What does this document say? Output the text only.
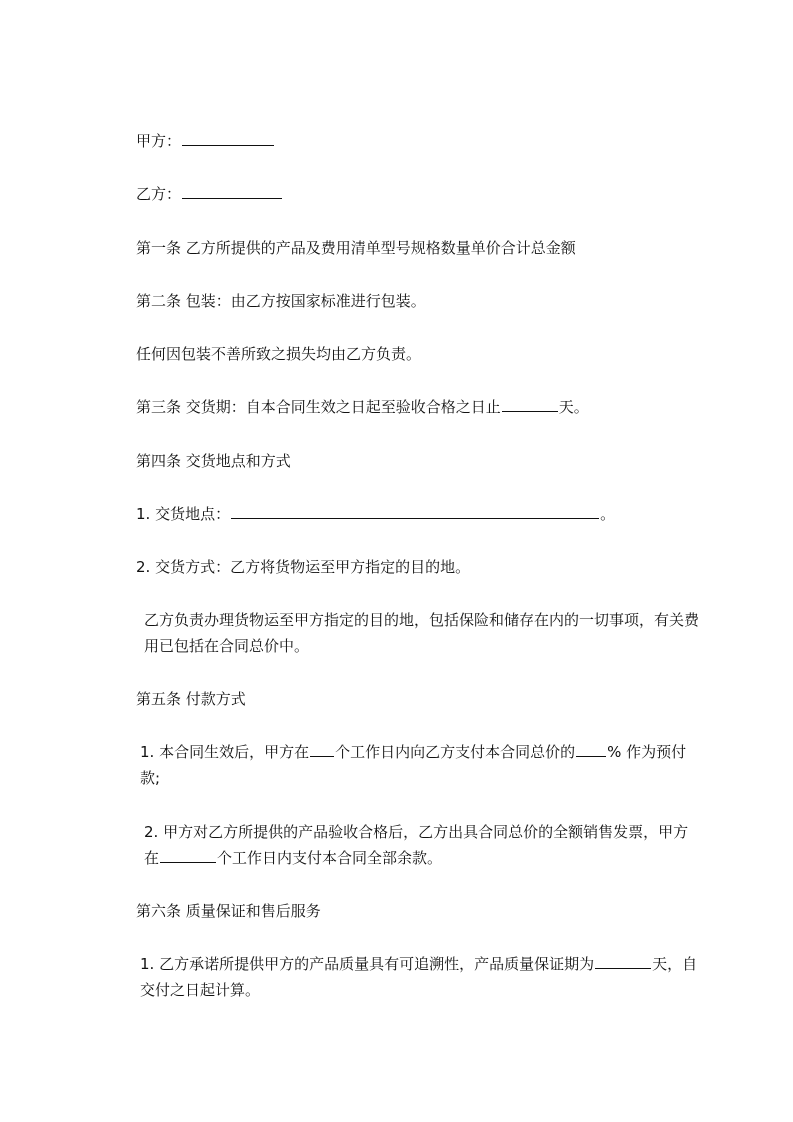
甲方：
乙方：
第一条 乙方所提供的产品及费用清单型号规格数量单价合计总金额
第二条 包装：由乙方按国家标准进行包装。
任何因包装不善所致之损失均由乙方负责。
第三条 交货期：自本合同生效之日起至验收合格之日止	天。
第四条 交货地点和方式
1. 交货地点：	。
2. 交货方式：乙方将货物运至甲方指定的目的地。
乙方负责办理货物运至甲方指定的目的地，包括保险和储存在内的一切事项，有关费用已包括在合同总价中。
第五条 付款方式
1. 本合同生效后，甲方在 个工作日内向乙方支付本合同总价的 % 作为预付款;
2. 甲方对乙方所提供的产品验收合格后，乙方出具合同总价的全额销售发票，甲方在	个工作日内支付本合同全部余款。
第六条 质量保证和售后服务
1. 乙方承诺所提供甲方的产品质量具有可追溯性，产品质量保证期为	天，自交付之日起计算。
